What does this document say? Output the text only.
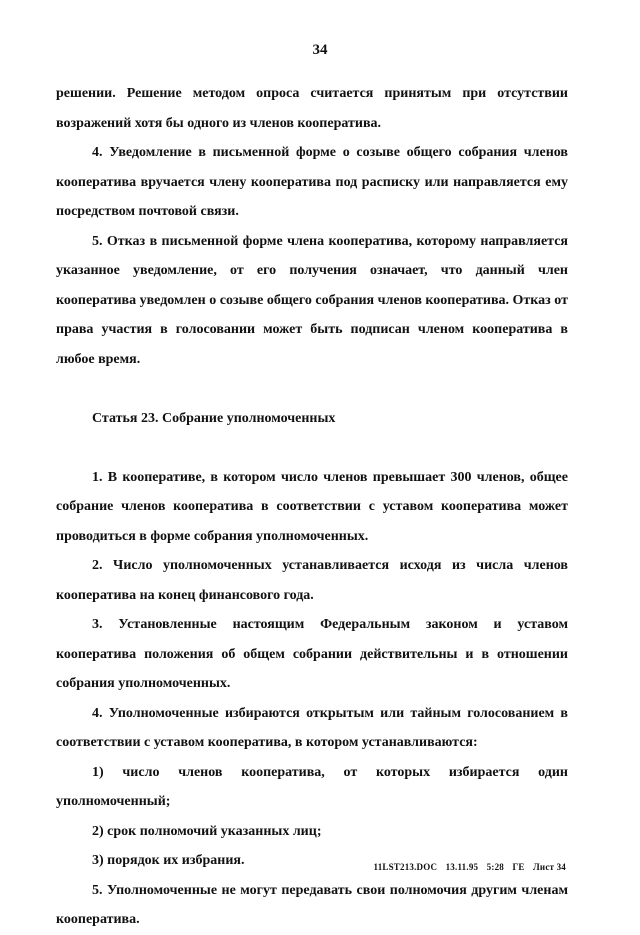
34

решении. Решение методом опроса считается принятым при отсутствии возражений хотя бы одного из членов кооператива.

4. Уведомление в письменной форме о созыве общего собрания членов кооператива вручается члену кооператива под расписку или направляется ему посредством почтовой связи.

5. Отказ в письменной форме члена кооператива, которому направляется указанное уведомление, от его получения означает, что данный член кооператива уведомлен о созыве общего собрания членов кооператива. Отказ от права участия в голосовании может быть подписан членом кооператива в любое время.

Статья 23. Собрание уполномоченных

1. В кооперативе, в котором число членов превышает 300 членов, общее собрание членов кооператива в соответствии с уставом кооператива может проводиться в форме собрания уполномоченных.

2. Число уполномоченных устанавливается исходя из числа членов кооператива на конец финансового года.

3. Установленные настоящим Федеральным законом и уставом кооператива положения об общем собрании действительны и в отношении собрания уполномоченных.

4. Уполномоченные избираются открытым или тайным голосованием в соответствии с уставом кооператива, в котором устанавливаются:

1) число членов кооператива, от которых избирается один уполномоченный;

2) срок полномочий указанных лиц;

3) порядок их избрания.

5. Уполномоченные не могут передавать свои полномочия другим членам кооператива.

11LST213.DOC 13.11.95 5:28 ГЕ Лист 34
